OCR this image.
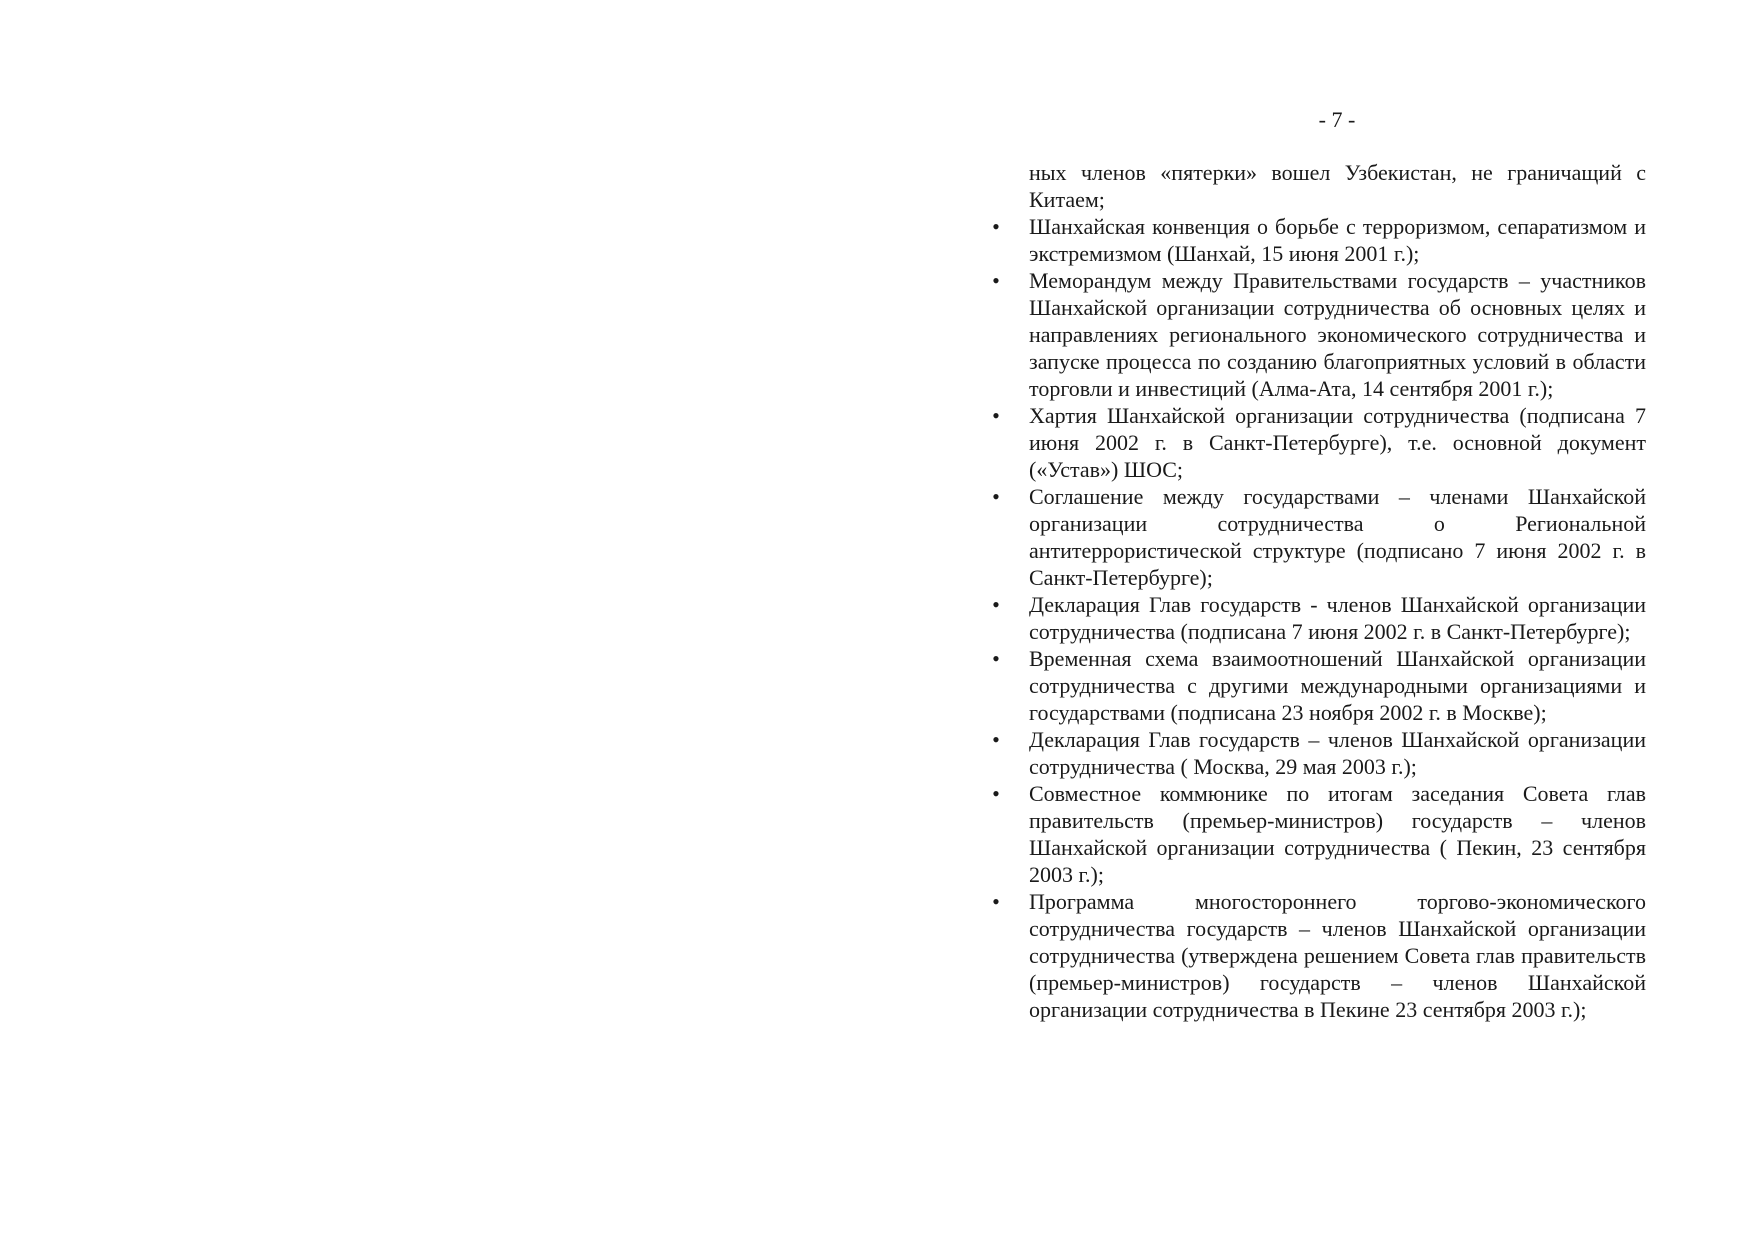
- 7 -

ных членов «пятерки» вошел Узбекистан, не граничащий с Китаем;

• Шанхайская конвенция о борьбе с терроризмом, сепаратизмом и экстремизмом (Шанхай, 15 июня 2001 г.);
• Меморандум между Правительствами государств – участников Шанхайской организации сотрудничества об основных целях и направлениях регионального экономического сотрудничества и запуске процесса по созданию благоприятных условий в области торговли и инвестиций (Алма-Ата, 14 сентября 2001 г.);
• Хартия Шанхайской организации сотрудничества (подписана 7 июня 2002 г. в Санкт-Петербурге), т.е. основной документ («Устав») ШОС;
• Соглашение между государствами – членами Шанхайской организации сотрудничества о Региональной антитеррористической структуре (подписано 7 июня 2002 г. в Санкт-Петербурге);
• Декларация Глав государств - членов Шанхайской организации сотрудничества (подписана 7 июня 2002 г. в Санкт-Петербурге);
• Временная схема взаимоотношений Шанхайской организации сотрудничества с другими международными организациями и государствами (подписана 23 ноября 2002 г. в Москве);
• Декларация Глав государств – членов Шанхайской организации сотрудничества ( Москва, 29 мая 2003 г.);
• Совместное коммюнике по итогам заседания Совета глав правительств (премьер-министров) государств – членов Шанхайской организации сотрудничества ( Пекин, 23 сентября 2003 г.);
• Программа многостороннего торгово-экономического сотрудничества государств – членов Шанхайской организации сотрудничества (утверждена решением Совета глав правительств (премьер-министров) государств – членов Шанхайской организации сотрудничества в Пекине 23 сентября 2003 г.);
